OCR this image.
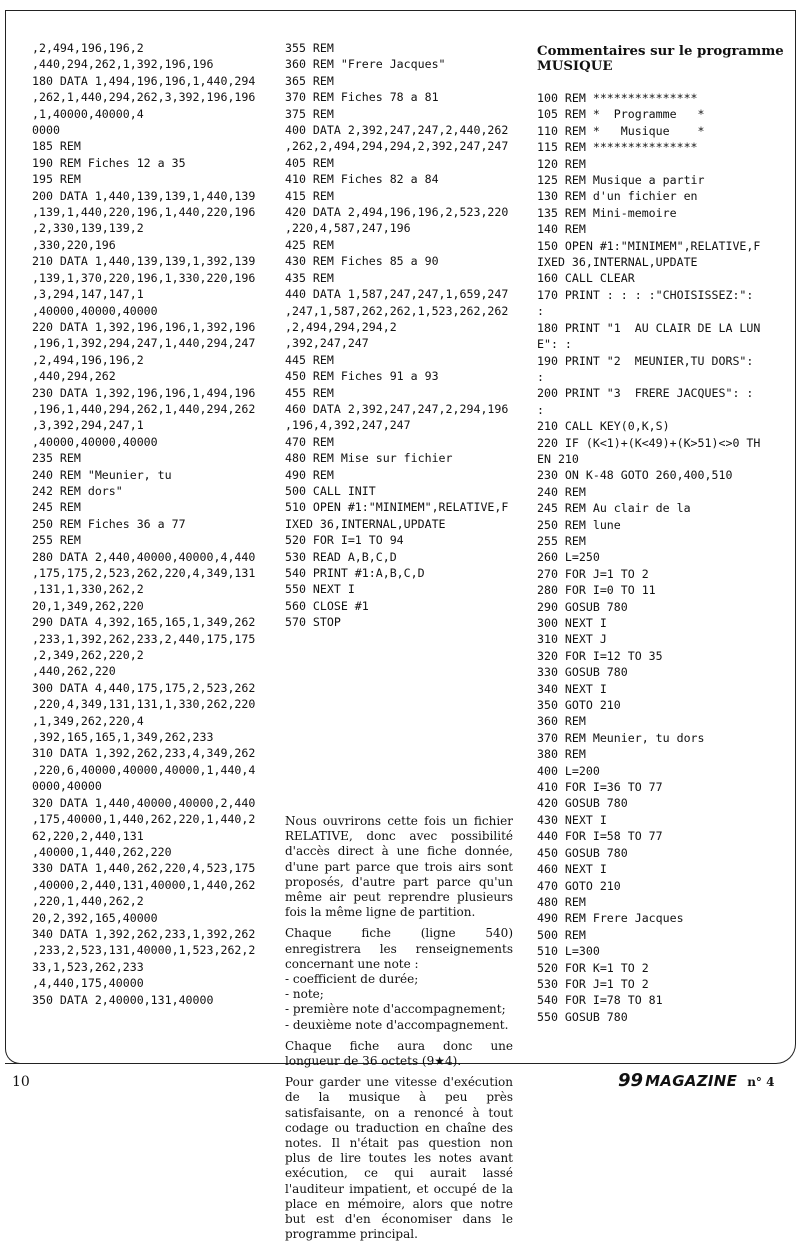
,2,494,196,196,2
,440,294,262,1,392,196,196
180 DATA 1,494,196,196,1,440,294
,262,1,440,294,262,3,392,196,196
,1,40000,40000,4
0000
185 REM
190 REM Fiches 12 a 35
195 REM
200 DATA 1,440,139,139,1,440,139
,139,1,440,220,196,1,440,220,196
,2,330,139,139,2
,330,220,196
210 DATA 1,440,139,139,1,392,139
,139,1,370,220,196,1,330,220,196
,3,294,147,147,1
,40000,40000,40000
220 DATA 1,392,196,196,1,392,196
,196,1,392,294,247,1,440,294,247
,2,494,196,196,2
,440,294,262
230 DATA 1,392,196,196,1,494,196
,196,1,440,294,262,1,440,294,262
,3,392,294,247,1
,40000,40000,40000
235 REM
240 REM "Meunier, tu
242 REM dors"
245 REM
250 REM Fiches 36 a 77
255 REM
280 DATA 2,440,40000,40000,4,440
,175,175,2,523,262,220,4,349,131
,131,1,330,262,2
20,1,349,262,220
290 DATA 4,392,165,165,1,349,262
,233,1,392,262,233,2,440,175,175
,2,349,262,220,2
,440,262,220
300 DATA 4,440,175,175,2,523,262
,220,4,349,131,131,1,330,262,220
,1,349,262,220,4
,392,165,165,1,349,262,233
310 DATA 1,392,262,233,4,349,262
,220,6,40000,40000,40000,1,440,4
0000,40000
320 DATA 1,440,40000,40000,2,440
,175,40000,1,440,262,220,1,440,2
62,220,2,440,131
,40000,1,440,262,220
330 DATA 1,440,262,220,4,523,175
,40000,2,440,131,40000,1,440,262
,220,1,440,262,2
20,2,392,165,40000
340 DATA 1,392,262,233,1,392,262
,233,2,523,131,40000,1,523,262,2
33,1,523,262,233
,4,440,175,40000
350 DATA 2,40000,131,40000
355 REM
360 REM "Frere Jacques"
365 REM
370 REM Fiches 78 a 81
375 REM
400 DATA 2,392,247,247,2,440,262
,262,2,494,294,294,2,392,247,247
405 REM
410 REM Fiches 82 a 84
415 REM
420 DATA 2,494,196,196,2,523,220
,220,4,587,247,196
425 REM
430 REM Fiches 85 a 90
435 REM
440 DATA 1,587,247,247,1,659,247
,247,1,587,262,262,1,523,262,262
,2,494,294,294,2
,392,247,247
445 REM
450 REM Fiches 91 a 93
455 REM
460 DATA 2,392,247,247,2,294,196
,196,4,392,247,247
470 REM
480 REM Mise sur fichier
490 REM
500 CALL INIT
510 OPEN #1:"MINIMEM",RELATIVE,F
IXED 36,INTERNAL,UPDATE
520 FOR I=1 TO 94
530 READ A,B,C,D
540 PRINT #1:A,B,C,D
550 NEXT I
560 CLOSE #1
570 STOP

Nous ouvrirons cette fois un fichier RELATIVE, donc avec possibilité d'accès direct à une fiche donnée, d'une part parce que trois airs sont proposés, d'autre part parce qu'un même air peut reprendre plusieurs fois la même ligne de partition.

Chaque fiche (ligne 540) enregistrera les renseignements concernant une note :
- coefficient de durée;
- note;
- première note d'accompagnement;
- deuxième note d'accompagnement.

Chaque fiche aura donc une longueur de 36 octets (9★4).

Pour garder une vitesse d'exécution de la musique à peu près satisfaisante, on a renoncé à tout codage ou traduction en chaîne des notes. Il n'était pas question non plus de lire toutes les notes avant exécution, ce qui aurait lassé l'auditeur impatient, et occupé de la place en mémoire, alors que notre but est d'en économiser dans le programme principal.

Commentaires sur le programme MUSIQUE
100 REM ***************
105 REM *  Programme   *
110 REM *   Musique    *
115 REM ***************
120 REM
125 REM Musique a partir
130 REM d'un fichier en
135 REM Mini-memoire
140 REM
150 OPEN #1:"MINIMEM",RELATIVE,F
IXED 36,INTERNAL,UPDATE
160 CALL CLEAR
170 PRINT : : : :"CHOISISSEZ:":
:
180 PRINT "1  AU CLAIR DE LA LUN
E": :
190 PRINT "2  MEUNIER,TU DORS":
:
200 PRINT "3  FRERE JACQUES": :
:
210 CALL KEY(0,K,S)
220 IF (K<1)+(K<49)+(K>51)<>0 TH
EN 210
230 ON K-48 GOTO 260,400,510
240 REM
245 REM Au clair de la
250 REM lune
255 REM
260 L=250
270 FOR J=1 TO 2
280 FOR I=0 TO 11
290 GOSUB 780
300 NEXT I
310 NEXT J
320 FOR I=12 TO 35
330 GOSUB 780
340 NEXT I
350 GOTO 210
360 REM
370 REM Meunier, tu dors
380 REM
400 L=200
410 FOR I=36 TO 77
420 GOSUB 780
430 NEXT I
440 FOR I=58 TO 77
450 GOSUB 780
460 NEXT I
470 GOTO 210
480 REM
490 REM Frere Jacques
500 REM
510 L=300
520 FOR K=1 TO 2
530 FOR J=1 TO 2
540 FOR I=78 TO 81
550 GOSUB 780
10	99 MAGAZINE n° 4
